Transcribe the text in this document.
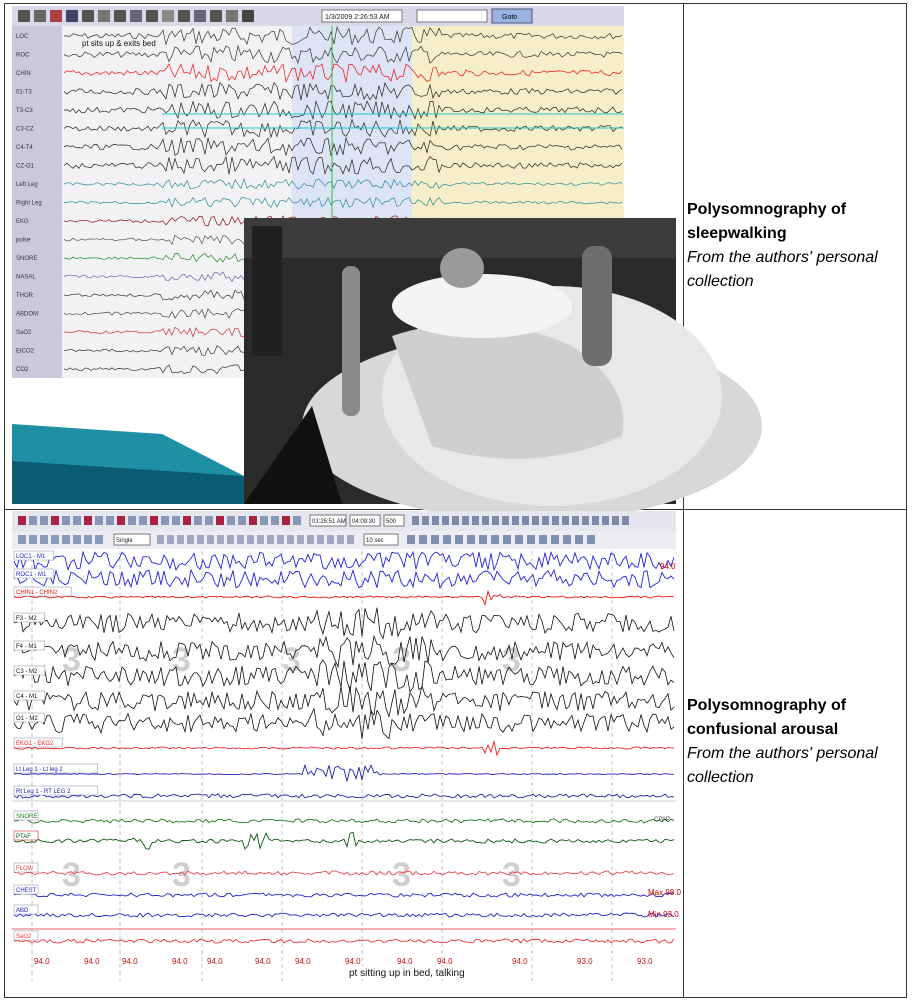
1/3/2009 2:26:53 AM	Goto
LOC
ROC
CHIN
01-T3
T3-C3
C3-CZ
C4-T4
CZ-O1
Left Leg
Right Leg
EKG
pulse
SNORE
NASAL
THOR
ABDOM
SaO2
EtCO2
CO2
pt sits up & exits bed
Polysomnography of sleepwalking
From the authors' personal collection
01:25:51 AM 04:09:30 500
Single	10 sec
3	3	3	3	3
3	3	3	3
LOC1 - M1
ROC1 - M1
CHIN1 - CHIN2
F3 - M2
F4 - M1
C3 - M2
C4 - M1
O1 - M2
EKG1 - EKG2
Lt Leg 1 - Lt leg 2
Rt Leg 1 - RT LEG 2
SNORE
PTAF
FLOW
CHEST
ABD
SaO2
94.0	94.0	94.0	94.0 94.0	94.0	94.0	94.0	94.0	94.0	94.0	93.0	93.0
94.0
Max 98.0
Min 93.0
CPAP
pt sitting up in bed, talking
Polysomnography of confusional arousal
From the authors' personal collection
